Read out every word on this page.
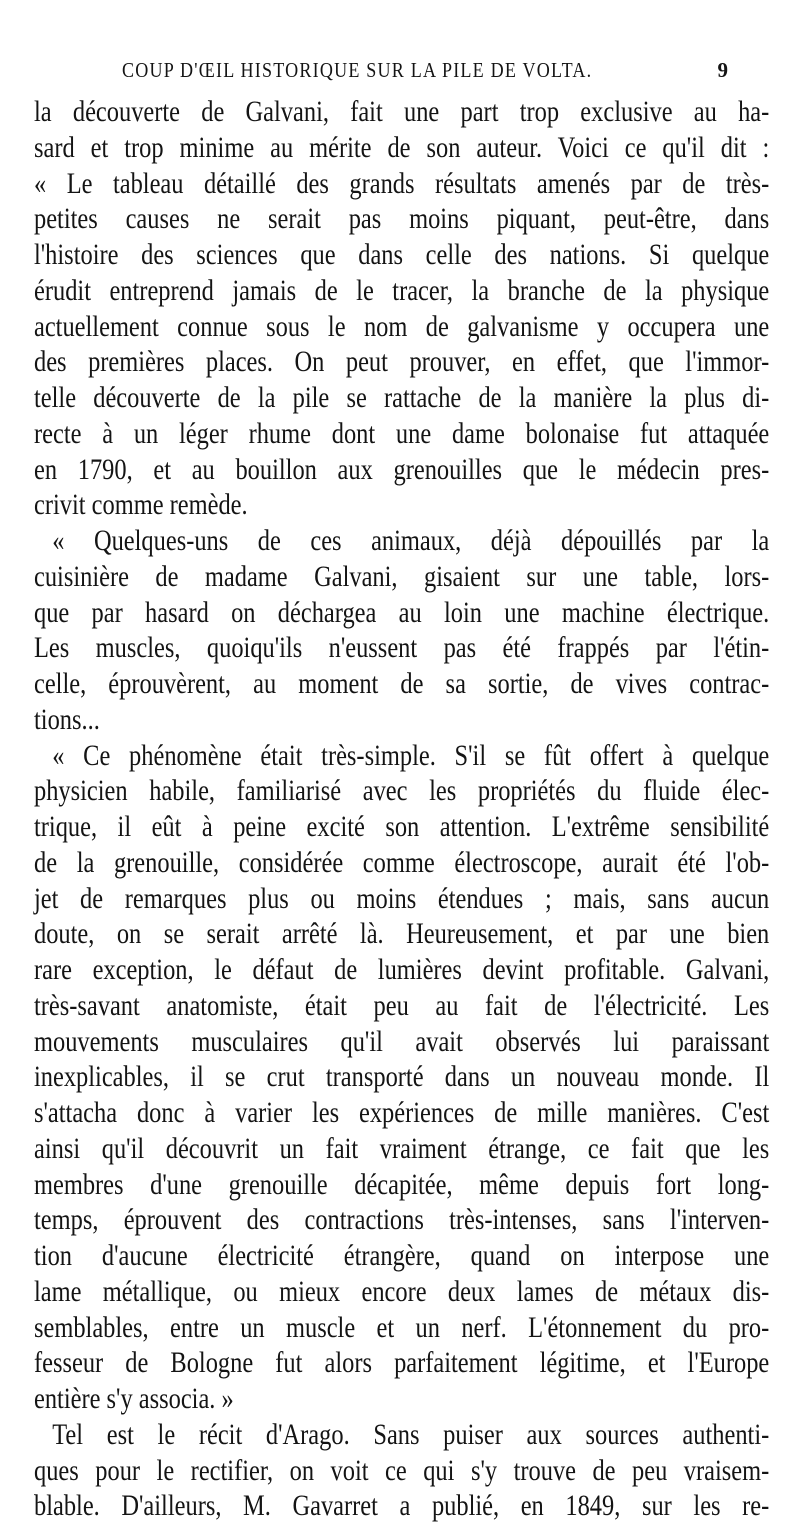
COUP D'ŒIL HISTORIQUE SUR LA PILE DE VOLTA.	9
la découverte de Galvani, fait une part trop exclusive au ha-
sard et trop minime au mérite de son auteur. Voici ce qu'il dit :
« Le tableau détaillé des grands résultats amenés par de très-
petites causes ne serait pas moins piquant, peut-être, dans
l'histoire des sciences que dans celle des nations. Si quelque
érudit entreprend jamais de le tracer, la branche de la physique
actuellement connue sous le nom de galvanisme y occupera une
des premières places. On peut prouver, en effet, que l'immor-
telle découverte de la pile se rattache de la manière la plus di-
recte à un léger rhume dont une dame bolonaise fut attaquée
en 1790, et au bouillon aux grenouilles que le médecin pres-
crivit comme remède.
« Quelques-uns de ces animaux, déjà dépouillés par la
cuisinière de madame Galvani, gisaient sur une table, lors-
que par hasard on déchargea au loin une machine électrique.
Les muscles, quoiqu'ils n'eussent pas été frappés par l'étin-
celle, éprouvèrent, au moment de sa sortie, de vives contrac-
tions...
« Ce phénomène était très-simple. S'il se fût offert à quelque
physicien habile, familiarisé avec les propriétés du fluide élec-
trique, il eût à peine excité son attention. L'extrême sensibilité
de la grenouille, considérée comme électroscope, aurait été l'ob-
jet de remarques plus ou moins étendues ; mais, sans aucun
doute, on se serait arrêté là. Heureusement, et par une bien
rare exception, le défaut de lumières devint profitable. Galvani,
très-savant anatomiste, était peu au fait de l'électricité. Les
mouvements musculaires qu'il avait observés lui paraissant
inexplicables, il se crut transporté dans un nouveau monde. Il
s'attacha donc à varier les expériences de mille manières. C'est
ainsi qu'il découvrit un fait vraiment étrange, ce fait que les
membres d'une grenouille décapitée, même depuis fort long-
temps, éprouvent des contractions très-intenses, sans l'interven-
tion d'aucune électricité étrangère, quand on interpose une
lame métallique, ou mieux encore deux lames de métaux dis-
semblables, entre un muscle et un nerf. L'étonnement du pro-
fesseur de Bologne fut alors parfaitement légitime, et l'Europe
entière s'y associa. »
Tel est le récit d'Arago. Sans puiser aux sources authenti-
ques pour le rectifier, on voit ce qui s'y trouve de peu vraisem-
blable. D'ailleurs, M. Gavarret a publié, en 1849, sur les re-
